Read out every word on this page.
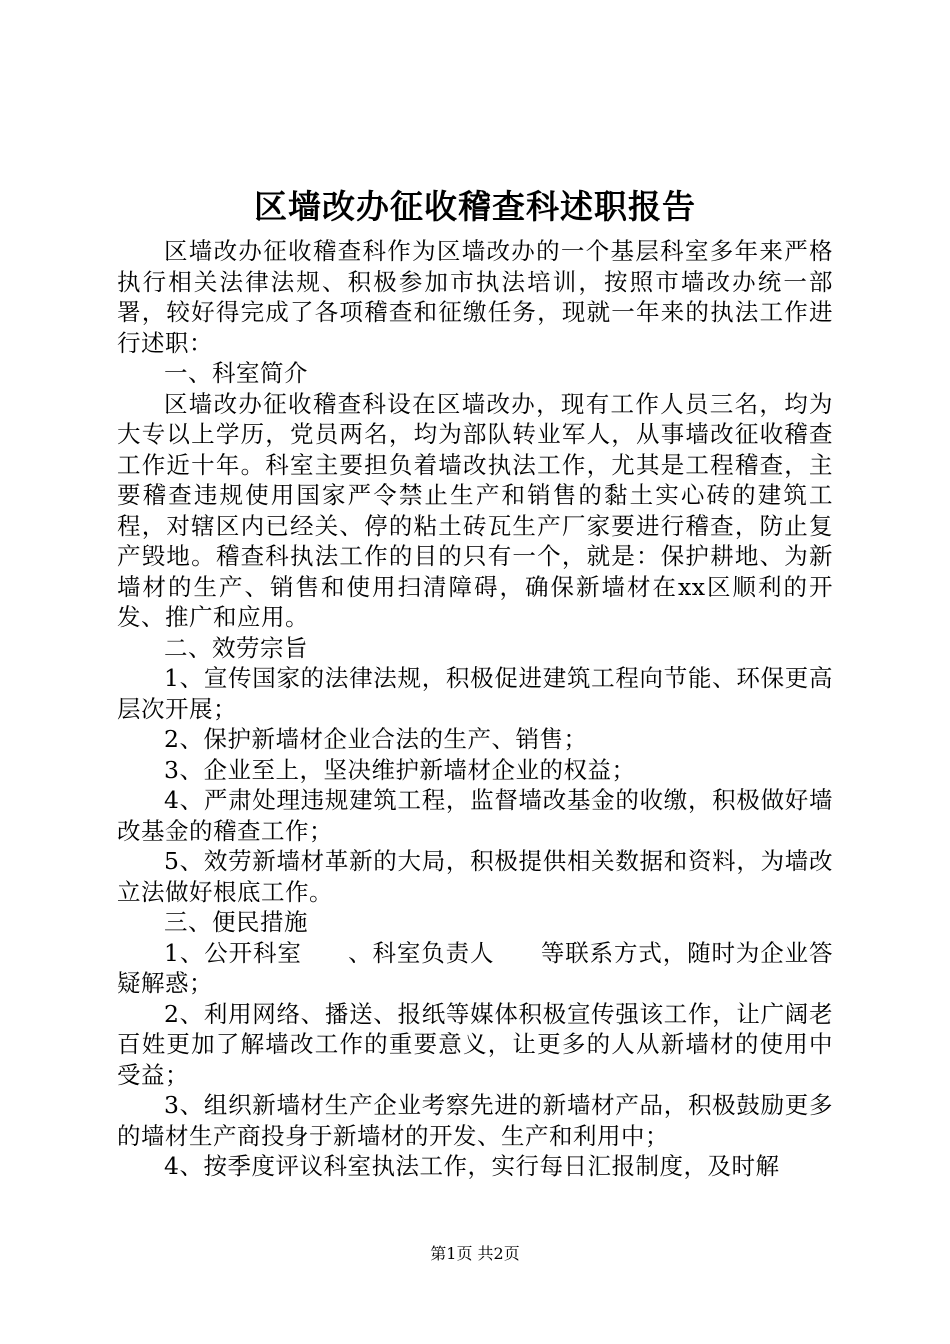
区墙改办征收稽查科述职报告

区墙改办征收稽查科作为区墙改办的一个基层科室多年来严格执行相关法律法规、积极参加市执法培训，按照市墙改办统一部署，较好得完成了各项稽查和征缴任务，现就一年来的执法工作进行述职：

一、科室简介

区墙改办征收稽查科设在区墙改办，现有工作人员三名，均为大专以上学历，党员两名，均为部队转业军人，从事墙改征收稽查工作近十年。科室主要担负着墙改执法工作，尤其是工程稽查，主要稽查违规使用国家严令禁止生产和销售的黏土实心砖的建筑工程，对辖区内已经关、停的粘土砖瓦生产厂家要进行稽查，防止复产毁地。稽查科执法工作的目的只有一个，就是：保护耕地、为新墙材的生产、销售和使用扫清障碍，确保新墙材在xx区顺利的开发、推广和应用。

二、效劳宗旨

1、宣传国家的法律法规，积极促进建筑工程向节能、环保更高层次开展；

2、保护新墙材企业合法的生产、销售；

3、企业至上，坚决维护新墙材企业的权益；

4、严肃处理违规建筑工程，监督墙改基金的收缴，积极做好墙改基金的稽查工作；

5、效劳新墙材革新的大局，积极提供相关数据和资料，为墙改立法做好根底工作。

三、便民措施

1、公开科室 、科室负责人 等联系方式，随时为企业答疑解惑；

2、利用网络、播送、报纸等媒体积极宣传强该工作，让广阔老百姓更加了解墙改工作的重要意义，让更多的人从新墙材的使用中受益；

3、组织新墙材生产企业考察先进的新墙材产品，积极鼓励更多的墙材生产商投身于新墙材的开发、生产和利用中；

4、按季度评议科室执法工作，实行每日汇报制度，及时解

第1页 共2页
